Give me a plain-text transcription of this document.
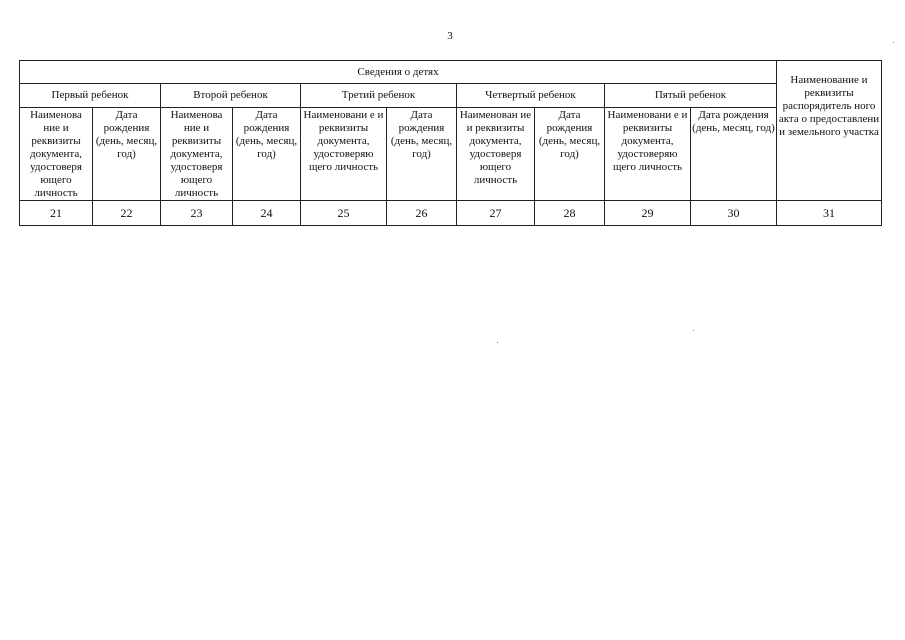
3
Сведения о детях										Наименование и реквизиты распорядитель ного акта о предоставлени и земельного участка

Первый ребенок		Второй ребенок		Третий ребенок		Четвертый ребенок		Пятый ребенок		
Наименова ние и реквизиты документа, удостоверя ющего личность	Дата рождения (день, месяц, год)	Наименова ние и реквизиты документа, удостоверя ющего личность	Дата рождения (день, месяц, год)	Наименовани е и реквизиты документа, удостоверяю щего личность	Дата рождения (день, месяц, год)	Наименован ие и реквизиты документа, удостоверя ющего личность	Дата рождения (день, месяц, год)	Наименовани е и реквизиты документа, удостоверяю щего личность	Дата рождения (день, месяц, год)	
21	22	23	24	25	26	27	28	29	30	31
